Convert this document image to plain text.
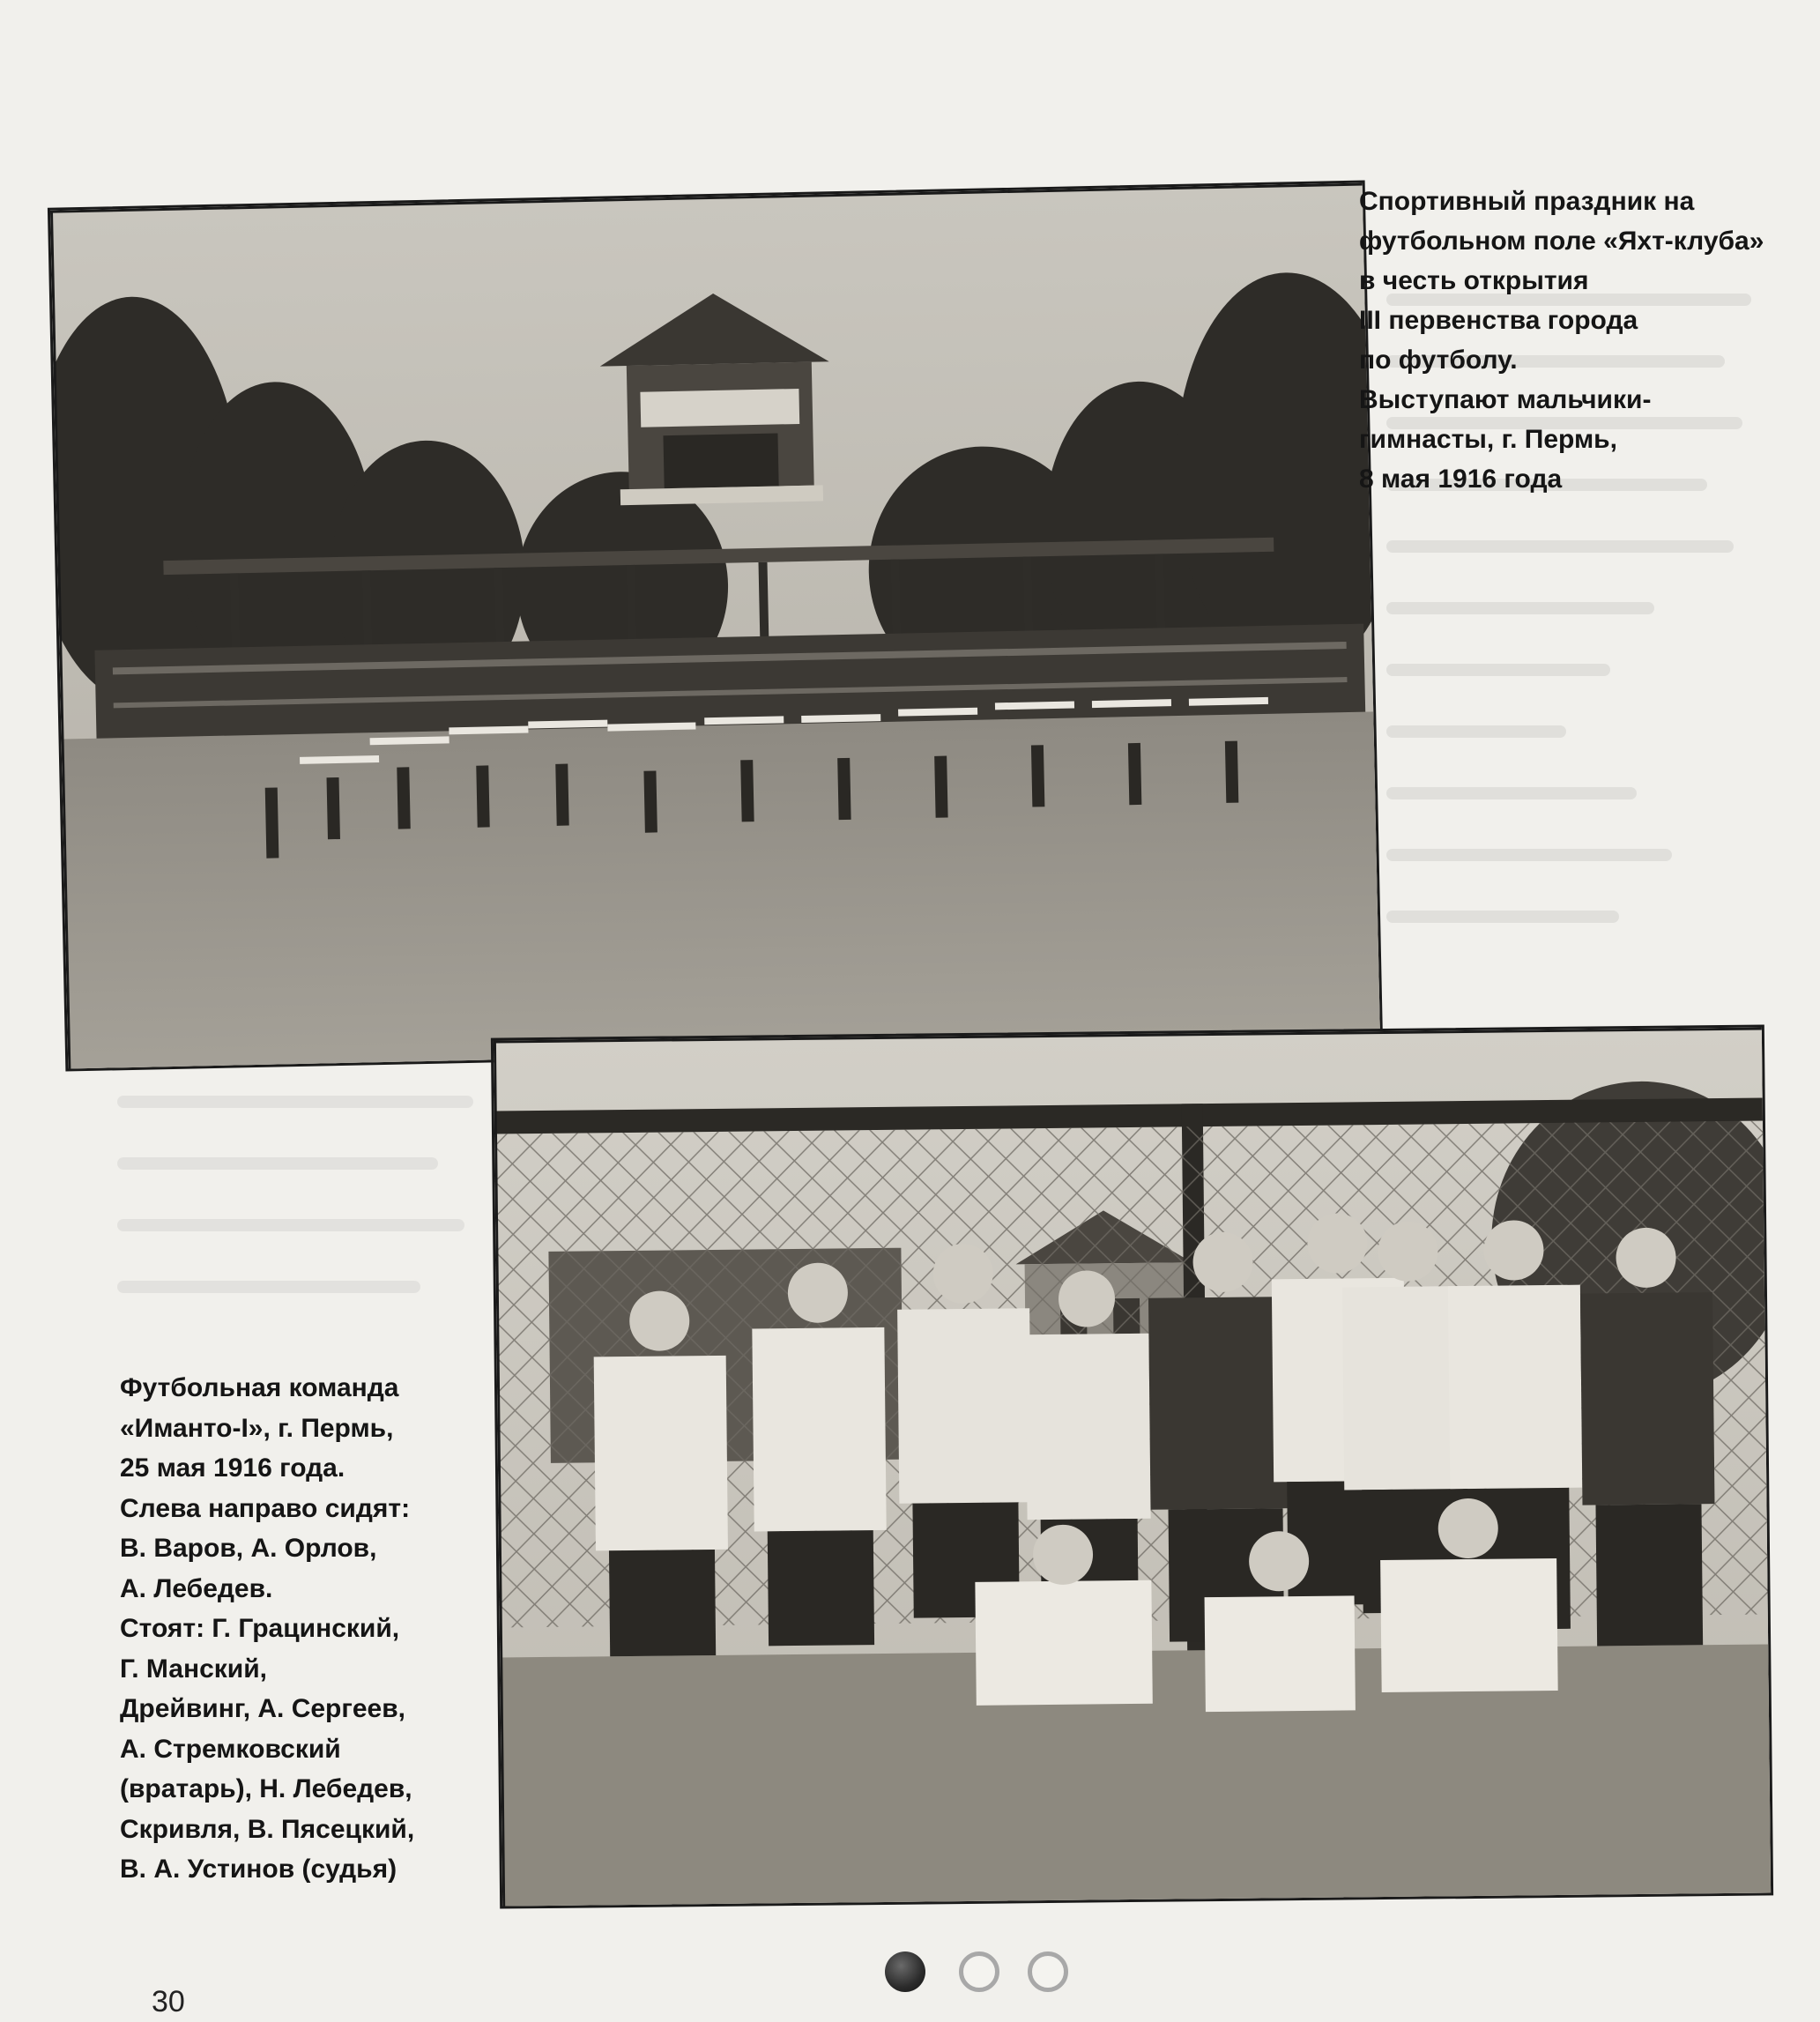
Спортивный праздник на
футбольном поле «Яхт-клуба»
в честь открытия
III первенства города
по футболу.
Выступают мальчики-
гимнасты, г. Пермь,
8 мая 1916 года
Футбольная команда
«Иманто-I», г. Пермь,
25 мая 1916 года.
Слева направо сидят:
В. Варов, А. Орлов,
А. Лебедев.
Стоят: Г. Грацинский,
Г. Манский,
Дрейвинг, А. Сергеев,
А. Стремковский
(вратарь), Н. Лебедев,
Скривля, В. Пясецкий,
В. А. Устинов (судья)
30
